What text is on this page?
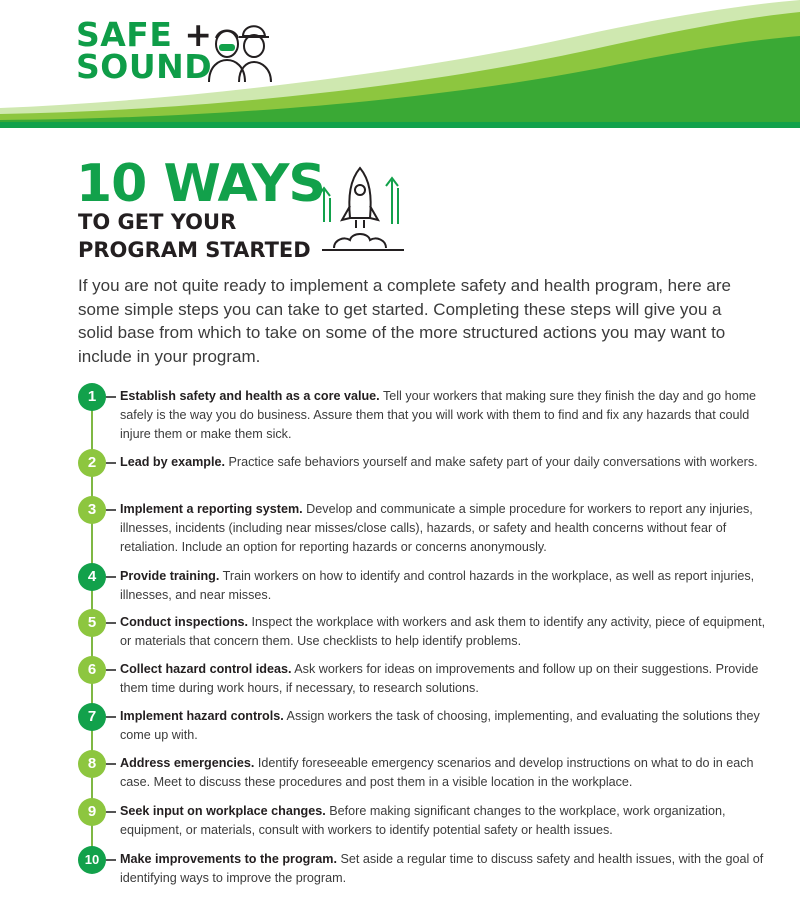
SAFE +
SOUND
10 WAYS
TO GET YOUR
PROGRAM STARTED

If you are not quite ready to implement a complete safety and health program, here are some simple steps you can take to get started. Completing these steps will give you a solid base from which to take on some of the more structured actions you may want to include in your program.

1	Establish safety and health as a core value. Tell your workers that making sure they finish the day and go home safely is the way you do business. Assure them that you will work with them to find and fix any hazards that could injure them or make them sick.
2	Lead by example. Practice safe behaviors yourself and make safety part of your daily conversations with workers.
3	Implement a reporting system. Develop and communicate a simple procedure for workers to report any injuries, illnesses, incidents (including near misses/close calls), hazards, or safety and health concerns without fear of retaliation. Include an option for reporting hazards or concerns anonymously.
4	Provide training. Train workers on how to identify and control hazards in the workplace, as well as report injuries, illnesses, and near misses.
5	Conduct inspections. Inspect the workplace with workers and ask them to identify any activity, piece of equipment, or materials that concern them. Use checklists to help identify problems.
6	Collect hazard control ideas. Ask workers for ideas on improvements and follow up on their suggestions. Provide them time during work hours, if necessary, to research solutions.
7	Implement hazard controls. Assign workers the task of choosing, implementing, and evaluating the solutions they come up with.
8	Address emergencies. Identify foreseeable emergency scenarios and develop instructions on what to do in each case. Meet to discuss these procedures and post them in a visible location in the workplace.
9	Seek input on workplace changes. Before making significant changes to the workplace, work organization, equipment, or materials, consult with workers to identify potential safety or health issues.
10	Make improvements to the program. Set aside a regular time to discuss safety and health issues, with the goal of identifying ways to improve the program.
